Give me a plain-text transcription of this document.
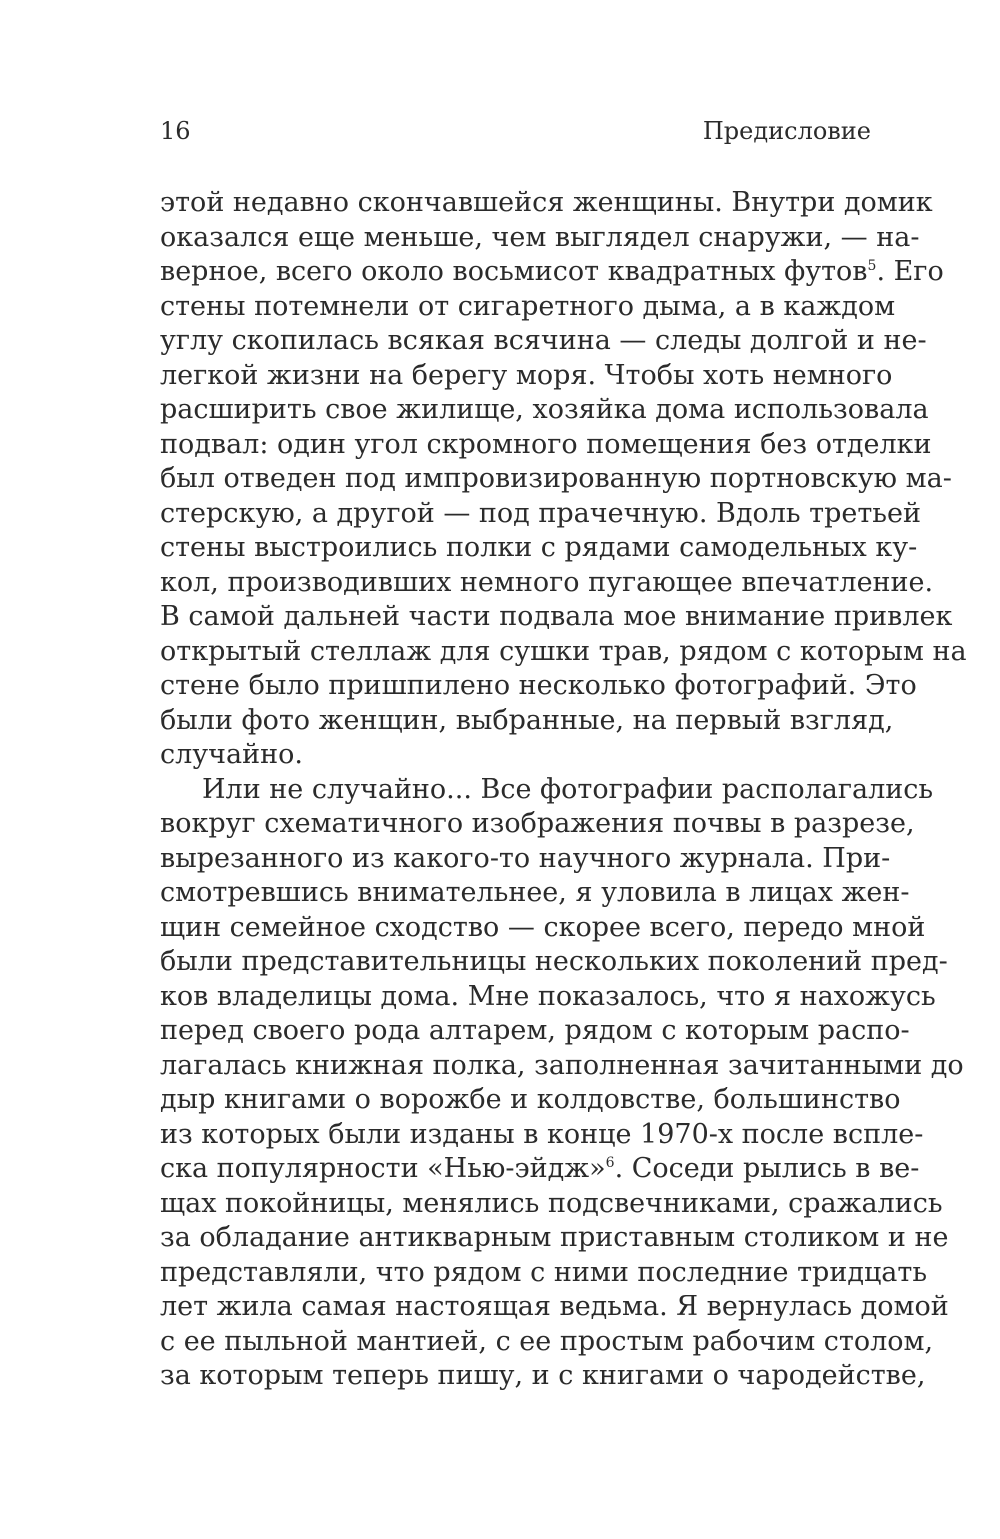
16	Предисловие
этой недавно скончавшейся женщины. Внутри домик
оказался еще меньше, чем выглядел снаружи, — на-
верное, всего около восьмисот квадратных футов$^5$. Его
стены потемнели от сигаретного дыма, а в каждом
углу скопилась всякая всячина — следы долгой и не-
легкой жизни на берегу моря. Чтобы хоть немного
расширить свое жилище, хозяйка дома использовала
подвал: один угол скромного помещения без отделки
был отведен под импровизированную портновскую ма-
стерскую, а другой — под прачечную. Вдоль третьей
стены выстроились полки с рядами самодельных ку-
кол, производивших немного пугающее впечатление.
В самой дальней части подвала мое внимание привлек
открытый стеллаж для сушки трав, рядом с которым на
стене было пришпилено несколько фотографий. Это
были фото женщин, выбранные, на первый взгляд,
случайно.
Или не случайно... Все фотографии располагались
вокруг схематичного изображения почвы в разрезе,
вырезанного из какого-то научного журнала. При-
смотревшись внимательнее, я уловила в лицах жен-
щин семейное сходство — скорее всего, передо мной
были представительницы нескольких поколений пред-
ков владелицы дома. Мне показалось, что я нахожусь
перед своего рода алтарем, рядом с которым распо-
лагалась книжная полка, заполненная зачитанными до
дыр книгами о ворожбе и колдовстве, большинство
из которых были изданы в конце 1970-х после вспле-
ска популярности «Нью-эйдж»$^6$. Соседи рылись в ве-
щах покойницы, менялись подсвечниками, сражались
за обладание антикварным приставным столиком и не
представляли, что рядом с ними последние тридцать
лет жила самая настоящая ведьма. Я вернулась домой
с ее пыльной мантией, с ее простым рабочим столом,
за которым теперь пишу, и с книгами о чародействе,
